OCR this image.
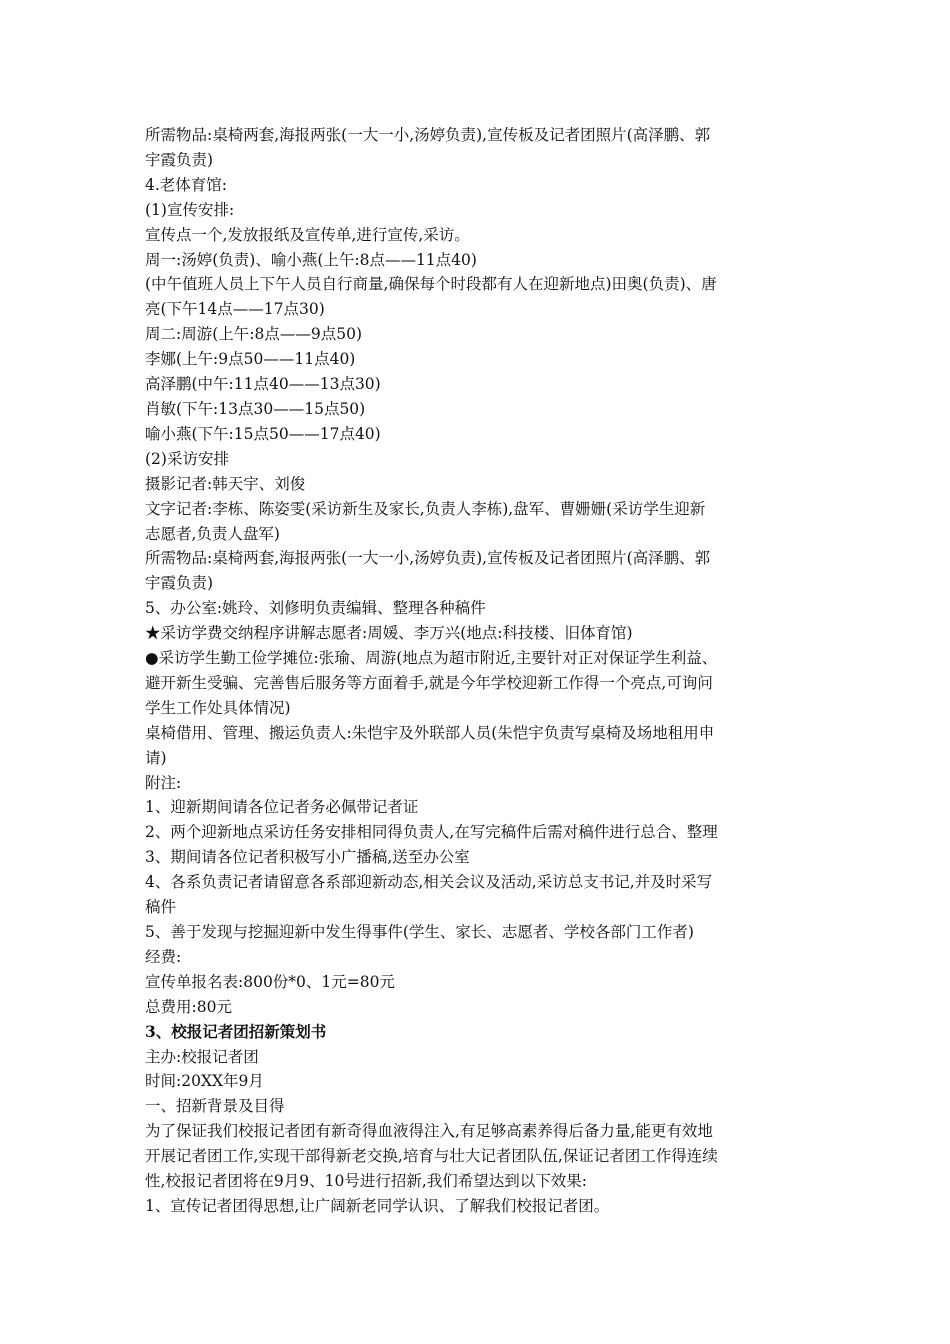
所需物品:桌椅两套,海报两张(一大一小,汤婷负责),宣传板及记者团照片(高泽鹏、郭
宇霞负责)
4.老体育馆:
(1)宣传安排:
宣传点一个,发放报纸及宣传单,进行宣传,采访。
周一:汤婷(负责)、喻小燕(上午:8点——11点40)
(中午值班人员上下午人员自行商量,确保每个时段都有人在迎新地点)田奥(负责)、唐
亮(下午14点——17点30)
周二:周游(上午:8点——9点50)
李娜(上午:9点50——11点40)
高泽鹏(中午:11点40——13点30)
肖敏(下午:13点30——15点50)
喻小燕(下午:15点50——17点40)
(2)采访安排
摄影记者:韩天宇、刘俊
文字记者:李栋、陈姿雯(采访新生及家长,负责人李栋),盘军、曹姗姗(采访学生迎新
志愿者,负责人盘军)
所需物品:桌椅两套,海报两张(一大一小,汤婷负责),宣传板及记者团照片(高泽鹏、郭
宇霞负责)
5、办公室:姚玲、刘修明负责编辑、整理各种稿件
★采访学费交纳程序讲解志愿者:周媛、李万兴(地点:科技楼、旧体育馆)
●采访学生勤工俭学摊位:张瑜、周游(地点为超市附近,主要针对正对保证学生利益、
避开新生受骗、完善售后服务等方面着手,就是今年学校迎新工作得一个亮点,可询问
学生工作处具体情况)
桌椅借用、管理、搬运负责人:朱恺宇及外联部人员(朱恺宇负责写桌椅及场地租用申
请)
附注:
1、迎新期间请各位记者务必佩带记者证
2、两个迎新地点采访任务安排相同得负责人,在写完稿件后需对稿件进行总合、整理
3、期间请各位记者积极写小广播稿,送至办公室
4、各系负责记者请留意各系部迎新动态,相关会议及活动,采访总支书记,并及时采写
稿件
5、善于发现与挖掘迎新中发生得事件(学生、家长、志愿者、学校各部门工作者)
经费:
宣传单报名表:800份*0、1元=80元
总费用:80元
3、校报记者团招新策划书
主办:校报记者团
时间:20XX年9月
一、招新背景及目得
为了保证我们校报记者团有新奇得血液得注入,有足够高素养得后备力量,能更有效地
开展记者团工作,实现干部得新老交换,培育与壮大记者团队伍,保证记者团工作得连续
性,校报记者团将在9月9、10号进行招新,我们希望达到以下效果:
1、宣传记者团得思想,让广阔新老同学认识、了解我们校报记者团。
